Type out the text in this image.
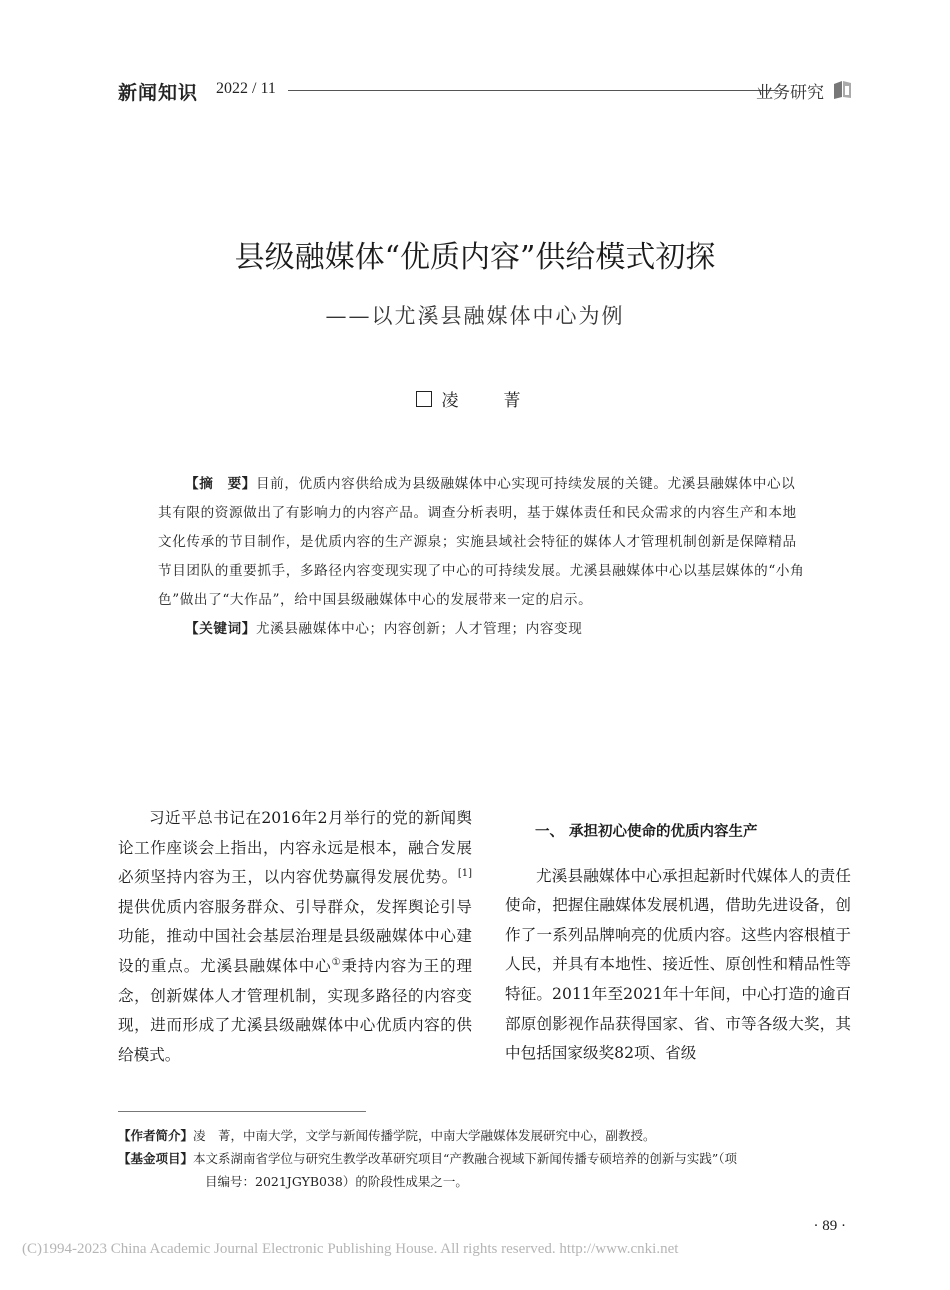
新闻知识 2022 / 11	业务研究
县级融媒体“优质内容”供给模式初探
——以尤溪县融媒体中心为例
凌　菁

【摘　要】目前，优质内容供给成为县级融媒体中心实现可持续发展的关键。尤溪县融媒体中心以其有限的资源做出了有影响力的内容产品。调查分析表明，基于媒体责任和民众需求的内容生产和本地文化传承的节目制作，是优质内容的生产源泉；实施县域社会特征的媒体人才管理机制创新是保障精品节目团队的重要抓手，多路径内容变现实现了中心的可持续发展。尤溪县融媒体中心以基层媒体的“小角色”做出了“大作品”，给中国县级融媒体中心的发展带来一定的启示。

【关键词】尤溪县融媒体中心；内容创新；人才管理；内容变现

习近平总书记在2016年2月举行的党的新闻舆论工作座谈会上指出，内容永远是根本，融合发展必须坚持内容为王，以内容优势赢得发展优势。[1]提供优质内容服务群众、引导群众，发挥舆论引导功能，推动中国社会基层治理是县级融媒体中心建设的重点。尤溪县融媒体中心①秉持内容为王的理念，创新媒体人才管理机制，实现多路径的内容变现，进而形成了尤溪县级融媒体中心优质内容的供给模式。

一、 承担初心使命的优质内容生产

尤溪县融媒体中心承担起新时代媒体人的责任使命，把握住融媒体发展机遇，借助先进设备，创作了一系列品牌响亮的优质内容。这些内容根植于人民，并具有本地性、接近性、原创性和精品性等特征。2011年至2021年十年间，中心打造的逾百部原创影视作品获得国家、省、市等各级大奖，其中包括国家级奖82项、省级

【作者简介】凌　菁，中南大学，文学与新闻传播学院，中南大学融媒体发展研究中心，副教授。
【基金项目】本文系湖南省学位与研究生教学改革研究项目“产教融合视域下新闻传播专硕培养的创新与实践”（项
目编号：2021JGYB038）的阶段性成果之一。
· 89 ·
(C)1994-2023 China Academic Journal Electronic Publishing House. All rights reserved. http://www.cnki.net
